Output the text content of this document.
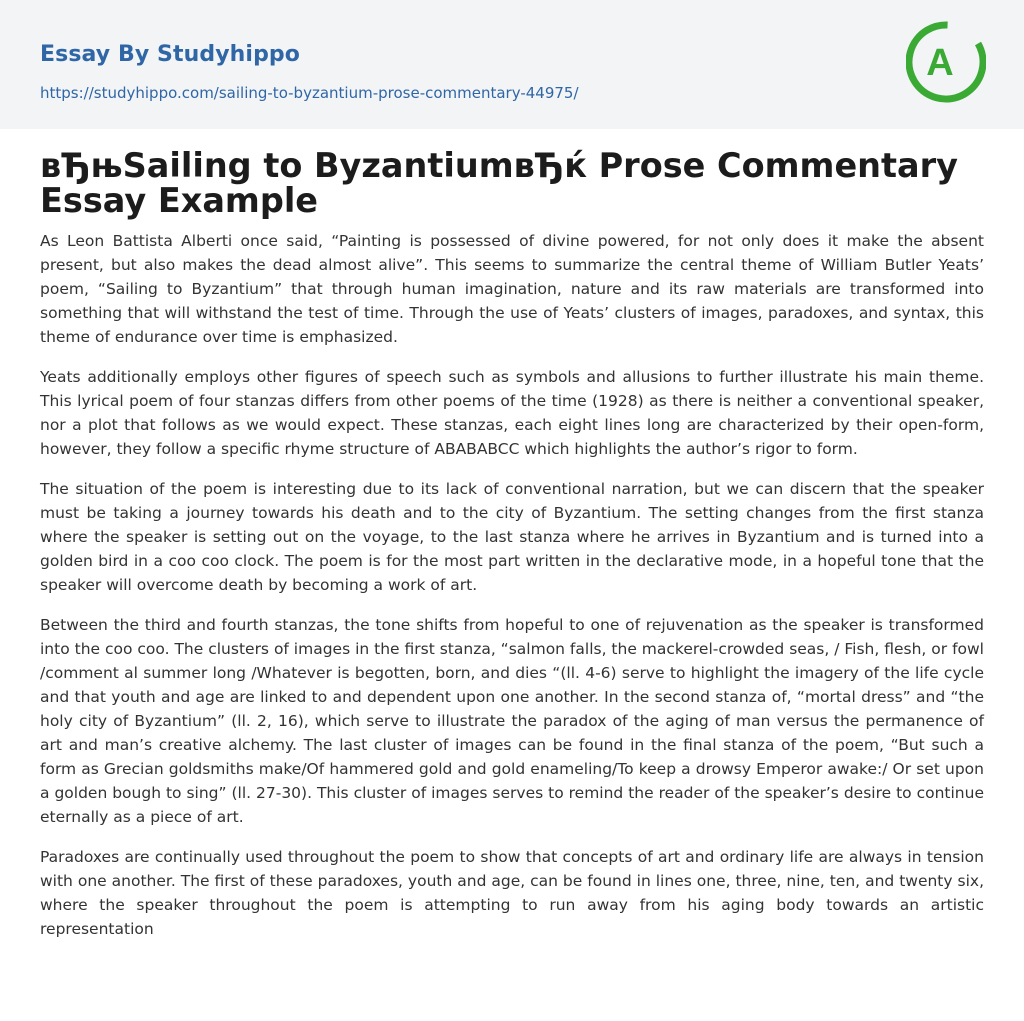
Essay By Studyhippo
https://studyhippo.com/sailing-to-byzantium-prose-commentary-44975/
A
вЂњSailing to ByzantiumвЂќ Prose Commentary Essay Example

As Leon Battista Alberti once said, “Painting is possessed of divine powered, for not only does it make the absent present, but also makes the dead almost alive”. This seems to summarize the central theme of William Butler Yeats’ poem, “Sailing to Byzantium” that through human imagination, nature and its raw materials are transformed into something that will withstand the test of time. Through the use of Yeats’ clusters of images, paradoxes, and syntax, this theme of endurance over time is emphasized.

Yeats additionally employs other figures of speech such as symbols and allusions to further illustrate his main theme. This lyrical poem of four stanzas differs from other poems of the time (1928) as there is neither a conventional speaker, nor a plot that follows as we would expect. These stanzas, each eight lines long are characterized by their open-form, however, they follow a specific rhyme structure of ABABABCC which highlights the author’s rigor to form.

The situation of the poem is interesting due to its lack of conventional narration, but we can discern that the speaker must be taking a journey towards his death and to the city of Byzantium. The setting changes from the first stanza where the speaker is setting out on the voyage, to the last stanza where he arrives in Byzantium and is turned into a golden bird in a coo coo clock. The poem is for the most part written in the declarative mode, in a hopeful tone that the speaker will overcome death by becoming a work of art.

Between the third and fourth stanzas, the tone shifts from hopeful to one of rejuvenation as the speaker is transformed into the coo coo. The clusters of images in the first stanza, “salmon falls, the mackerel-crowded seas, / Fish, flesh, or fowl /comment al summer long /Whatever is begotten, born, and dies “(ll. 4-6) serve to highlight the imagery of the life cycle and that youth and age are linked to and dependent upon one another. In the second stanza of, “mortal dress” and “the holy city of Byzantium” (ll. 2, 16), which serve to illustrate the paradox of the aging of man versus the permanence of art and man’s creative alchemy. The last cluster of images can be found in the final stanza of the poem, “But such a form as Grecian goldsmiths make/Of hammered gold and gold enameling/To keep a drowsy Emperor awake:/ Or set upon a golden bough to sing” (ll. 27-30). This cluster of images serves to remind the reader of the speaker’s desire to continue eternally as a piece of art.

Paradoxes are continually used throughout the poem to show that concepts of art and ordinary life are always in tension with one another. The first of these paradoxes, youth and age, can be found in lines one, three, nine, ten, and twenty six, where the speaker throughout the poem is attempting to run away from his aging body towards an artistic representation
